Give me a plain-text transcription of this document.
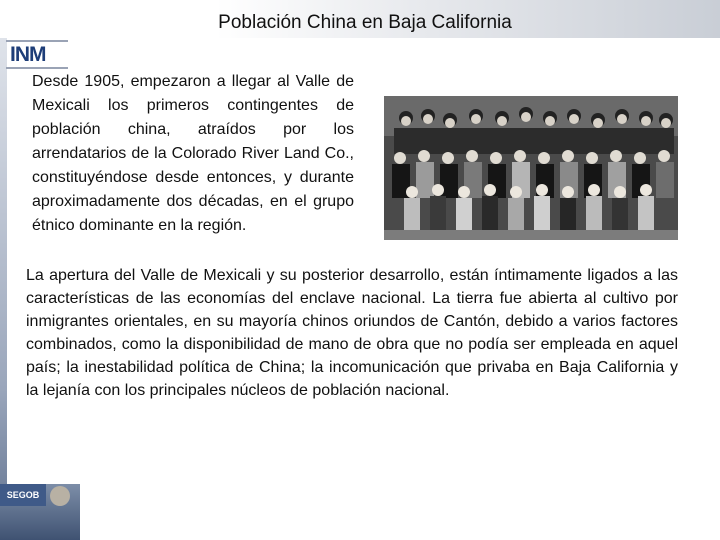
Población China en Baja California
INM

Desde 1905, empezaron a llegar al Valle de Mexicali los primeros contingentes de población china, atraídos por los arrendatarios de la Colorado River Land Co., constituyéndose desde entonces, y durante aproximadamente dos décadas, en el grupo étnico dominante en la región.

La apertura del Valle de Mexicali y su posterior desarrollo, están íntimamente ligados a las características de las economías del enclave nacional. La tierra fue abierta al cultivo por inmigrantes orientales, en su mayoría chinos oriundos de Cantón, debido a varios factores combinados, como la disponibilidad de mano de obra que no podía ser empleada en aquel país; la inestabilidad política de China; la incomunicación que privaba en Baja California y la lejanía con los principales núcleos de población nacional.

SEGOB
